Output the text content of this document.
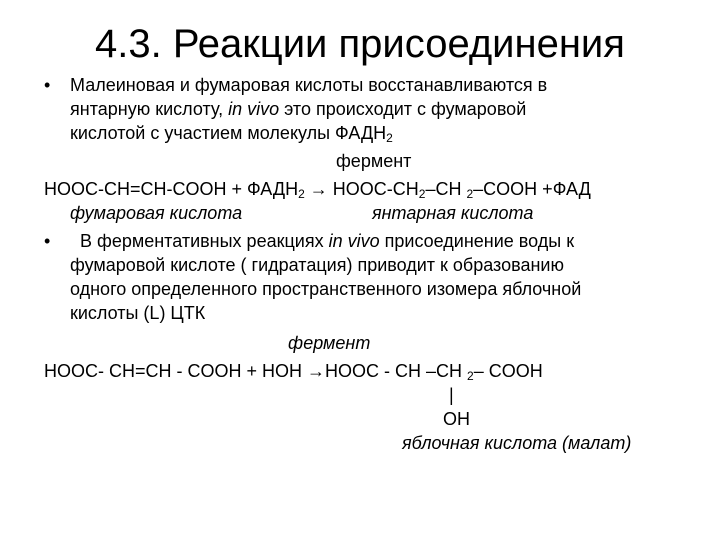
4.3. Реакции присоединения
• Малеиновая и фумаровая кислоты восстанавливаются в
янтарную кислоту, in vivo это происходит с фумаровой
кислотой с участием молекулы $ФАДН_2$
фермент
HOOC-CH=CH-COOH + $ФАДН_2$ → HOOC-$CH_2-CH$ $_2$–COOH +ФАД
фумаровая кислота	янтарная кислота
• В ферментативных реакциях in vivo присоединение воды к
фумаровой кислоте ( гидратация) приводит к образованию
одного определенного пространственного изомера яблочной
кислоты (L) ЦТК
фермент
HOOC- CH=CH - COOH + HOH →HOOC - CH –CH $_2$– COOH
|
OH
яблочная кислота (малат)
